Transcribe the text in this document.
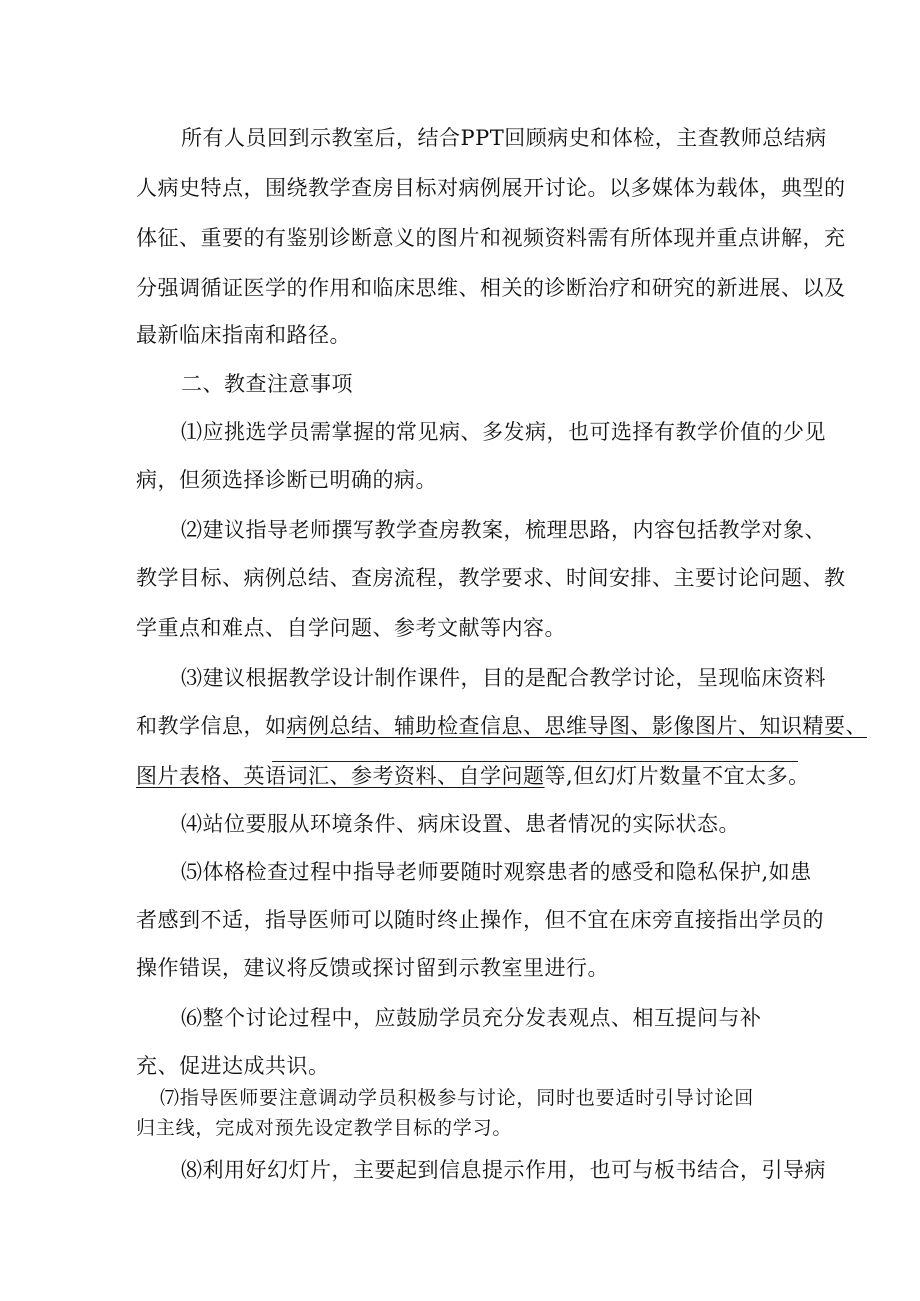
所有人员回到示教室后，结合PPT回顾病史和体检，主查教师总结病

人病史特点，围绕教学查房目标对病例展开讨论。以多媒体为载体，典型的

体征、重要的有鉴别诊断意义的图片和视频资料需有所体现并重点讲解，充

分强调循证医学的作用和临床思维、相关的诊断治疗和研究的新进展、以及

最新临床指南和路径。

二、教查注意事项

⑴应挑选学员需掌握的常见病、多发病，也可选择有教学价值的少见

病，但须选择诊断已明确的病。

⑵建议指导老师撰写教学查房教案，梳理思路，内容包括教学对象、

教学目标、病例总结、查房流程，教学要求、时间安排、主要讨论问题、教

学重点和难点、自学问题、参考文献等内容。

⑶建议根据教学设计制作课件，目的是配合教学讨论，呈现临床资料

和教学信息，如病例总结、辅助检查信息、思维导图、影像图片、知识精要、

图片表格、英语词汇、参考资料、自学问题等,但幻灯片数量不宜太多。

⑷站位要服从环境条件、病床设置、患者情况的实际状态。

⑸体格检查过程中指导老师要随时观察患者的感受和隐私保护,如患

者感到不适，指导医师可以随时终止操作，但不宜在床旁直接指出学员的

操作错误，建议将反馈或探讨留到示教室里进行。

⑹整个讨论过程中，应鼓励学员充分发表观点、相互提问与补

充、促进达成共识。

⑺指导医师要注意调动学员积极参与讨论，同时也要适时引导讨论回

归主线，完成对预先设定教学目标的学习。

⑻利用好幻灯片，主要起到信息提示作用，也可与板书结合，引导病
